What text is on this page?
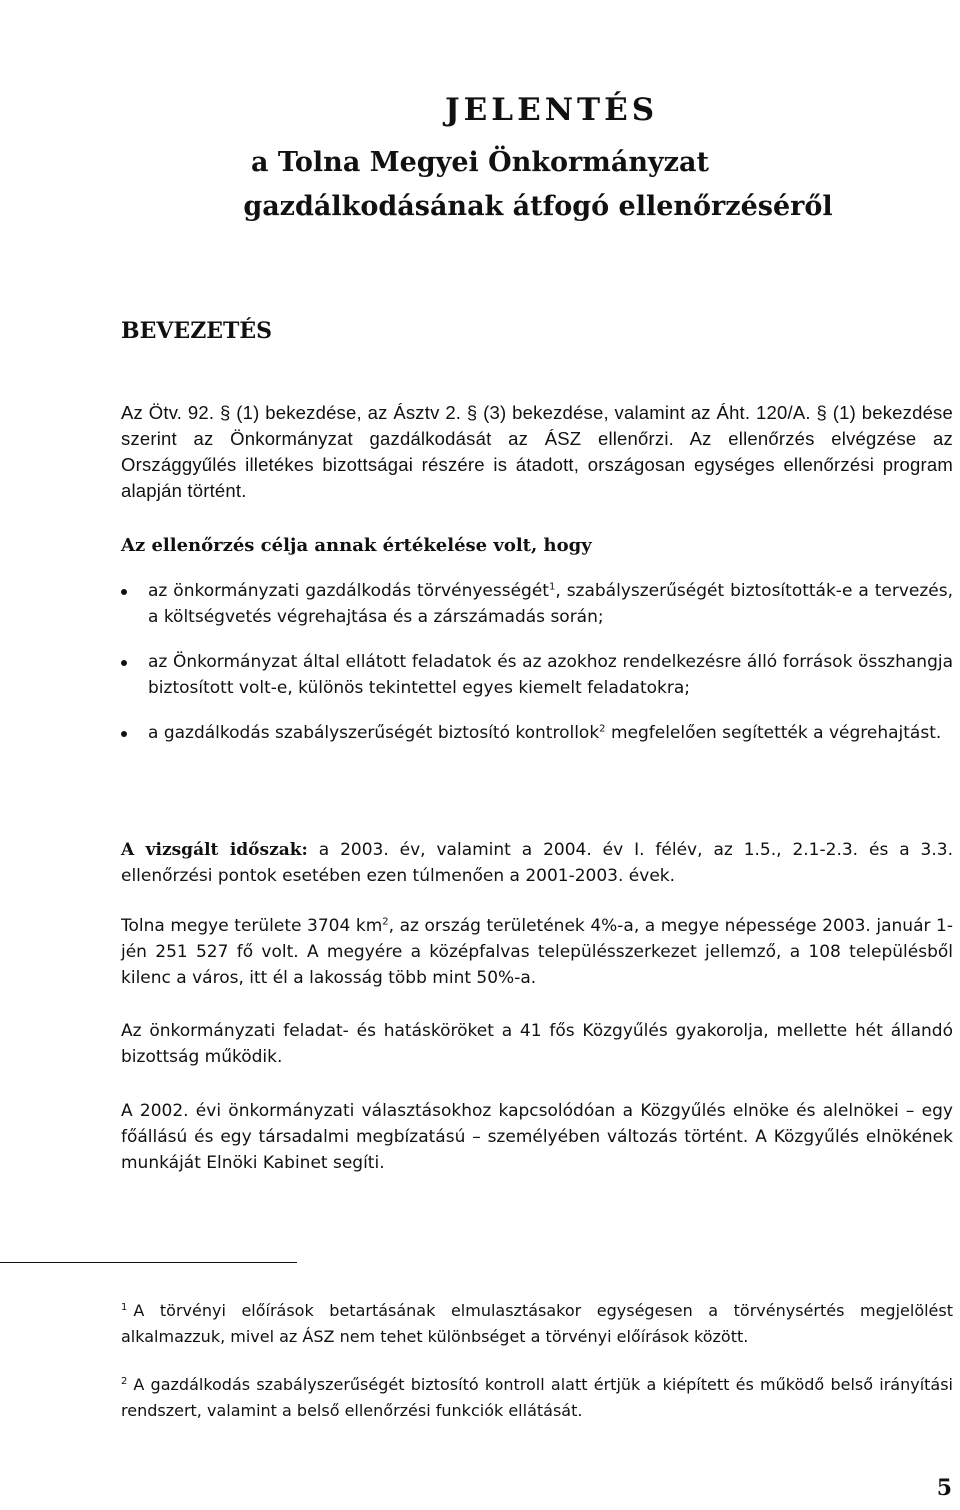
JELENTÉS
a Tolna Megyei Önkormányzat
gazdálkodásának átfogó ellenőrzéséről
BEVEZETÉS

Az Ötv. 92. § (1) bekezdése, az Ásztv 2. § (3) bekezdése, valamint az Áht. 120/A. § (1) bekezdése szerint az Önkormányzat gazdálkodását az ÁSZ ellenőrzi. Az ellenőrzés elvégzése az Országgyűlés illetékes bizottságai részére is átadott, országosan egységes ellenőrzési program alapján történt.

Az ellenőrzés célja annak értékelése volt, hogy

az önkormányzati gazdálkodás törvényességét$^1$, szabályszerűségét biztosították-e a tervezés, a költségvetés végrehajtása és a zárszámadás során;
az Önkormányzat által ellátott feladatok és az azokhoz rendelkezésre álló források összhangja biztosított volt-e, különös tekintettel egyes kiemelt feladatokra;
a gazdálkodás szabályszerűségét biztosító kontrollok$^2$ megfelelően segítették a végrehajtást.

A vizsgált időszak: a 2003. év, valamint a 2004. év I. félév, az 1.5., 2.1-2.3. és a 3.3. ellenőrzési pontok esetében ezen túlmenően a 2001-2003. évek.

Tolna megye területe 3704 $km^2$, az ország területének 4%-a, a megye népessége 2003. január 1-jén 251 527 fő volt. A megyére a középfalvas településszerkezet jellemző, a 108 településből kilenc a város, itt él a lakosság több mint 50%-a.

Az önkormányzati feladat- és hatásköröket a 41 fős Közgyűlés gyakorolja, mellette hét állandó bizottság működik.

A 2002. évi önkormányzati választásokhoz kapcsolódóan a Közgyűlés elnöke és alelnökei – egy főállású és egy társadalmi megbízatású – személyében változás történt. A Közgyűlés elnökének munkáját Elnöki Kabinet segíti.

$^1$ A törvényi előírások betartásának elmulasztásakor egységesen a törvénysértés megjelölést alkalmazzuk, mivel az ÁSZ nem tehet különbséget a törvényi előírások között.

$^2$ A gazdálkodás szabályszerűségét biztosító kontroll alatt értjük a kiépített és működő belső irányítási rendszert, valamint a belső ellenőrzési funkciók ellátását.

5
